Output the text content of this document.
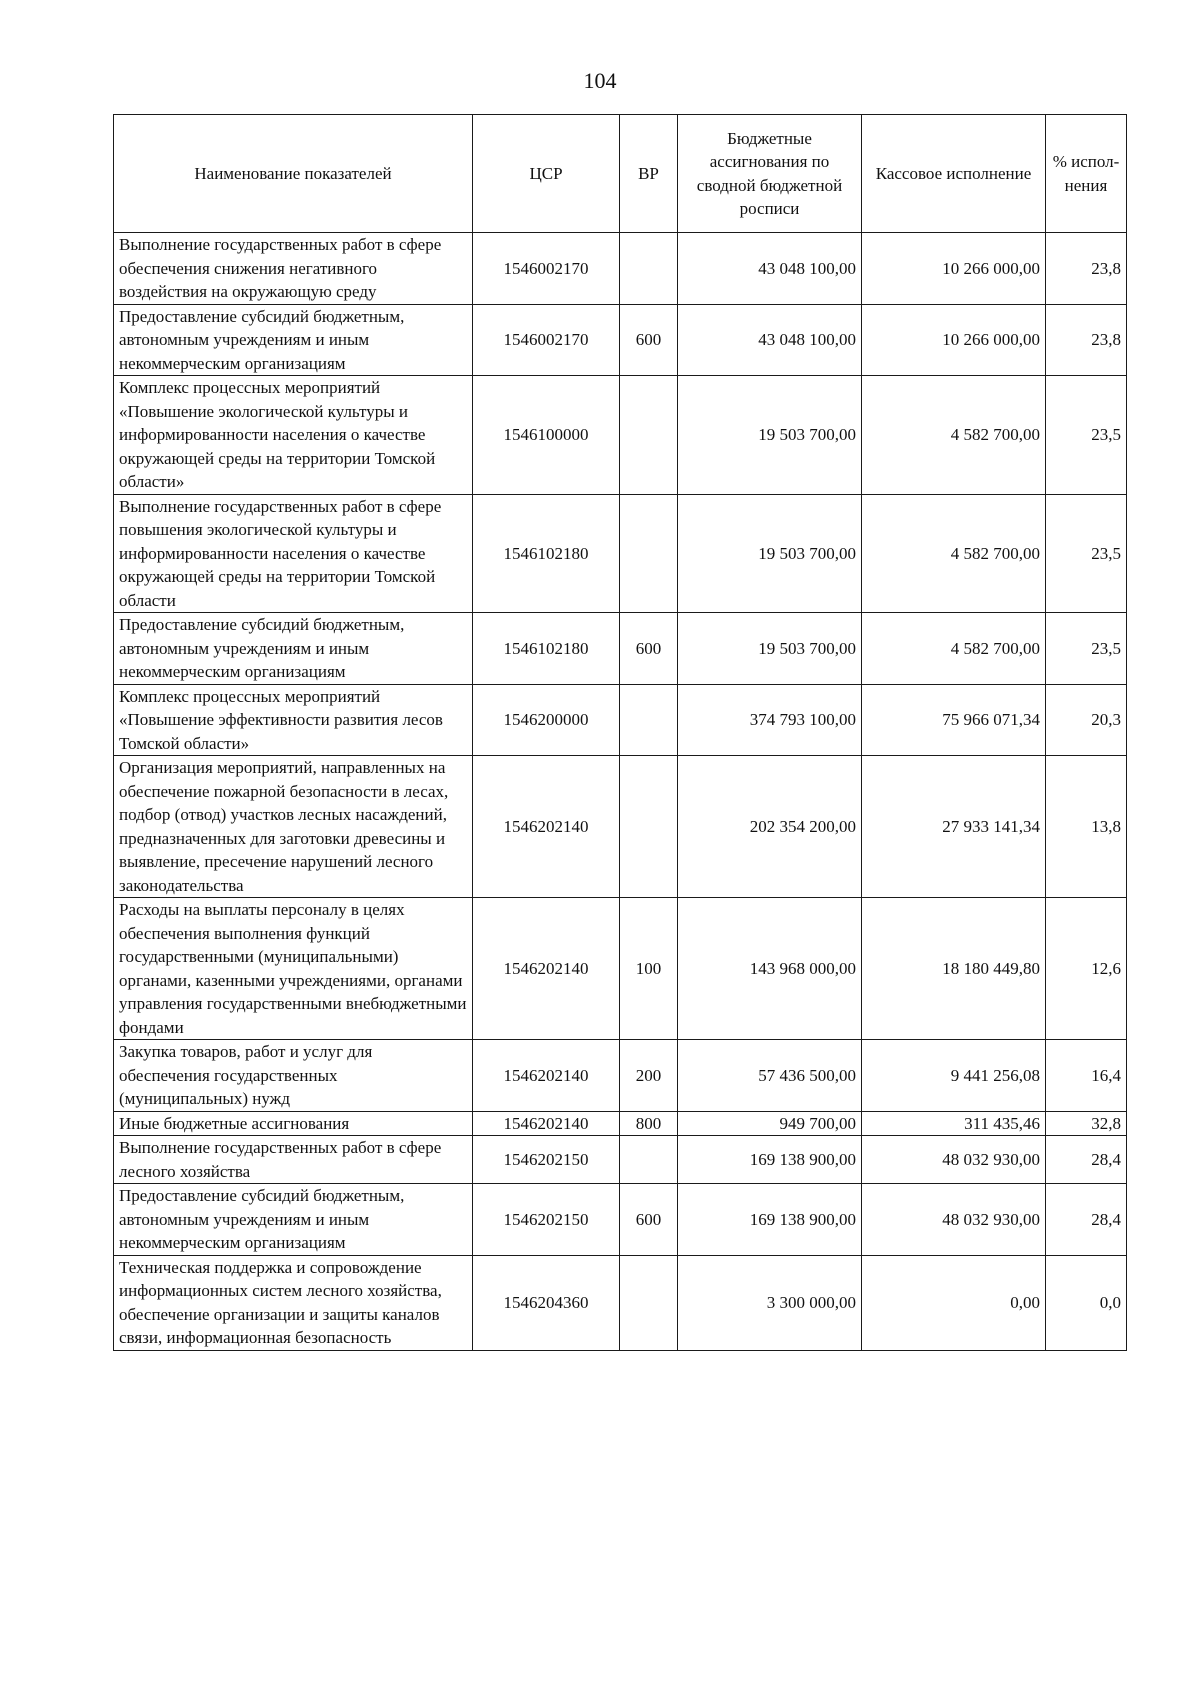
104
Наименование показателей	ЦСР	ВР	Бюджетные ассигнования по сводной бюджетной росписи	Кассовое исполнение	% испол-нения
Выполнение государственных работ в сфере обеспечения снижения негативного воздействия на окружающую среду	1546002170		43 048 100,00	10 266 000,00	23,8
Предоставление субсидий бюджетным, автономным учреждениям и иным некоммерческим организациям	1546002170	600	43 048 100,00	10 266 000,00	23,8
Комплекс процессных мероприятий «Повышение экологической культуры и информированности населения о качестве окружающей среды на территории Томской области»	1546100000		19 503 700,00	4 582 700,00	23,5
Выполнение государственных работ в сфере повышения экологической культуры и информированности населения о качестве окружающей среды на территории Томской области	1546102180		19 503 700,00	4 582 700,00	23,5
Предоставление субсидий бюджетным, автономным учреждениям и иным некоммерческим организациям	1546102180	600	19 503 700,00	4 582 700,00	23,5
Комплекс процессных мероприятий «Повышение эффективности развития лесов Томской области»	1546200000		374 793 100,00	75 966 071,34	20,3
Организация мероприятий, направленных на обеспечение пожарной безопасности в лесах, подбор (отвод) участков лесных насаждений, предназначенных для заготовки древесины и выявление, пресечение нарушений лесного законодательства	1546202140		202 354 200,00	27 933 141,34	13,8
Расходы на выплаты персоналу в целях обеспечения выполнения функций государственными (муниципальными) органами, казенными учреждениями, органами управления государственными внебюджетными фондами	1546202140	100	143 968 000,00	18 180 449,80	12,6
Закупка товаров, работ и услуг для обеспечения государственных (муниципальных) нужд	1546202140	200	57 436 500,00	9 441 256,08	16,4
Иные бюджетные ассигнования	1546202140	800	949 700,00	311 435,46	32,8
Выполнение государственных работ в сфере лесного хозяйства	1546202150		169 138 900,00	48 032 930,00	28,4
Предоставление субсидий бюджетным, автономным учреждениям и иным некоммерческим организациям	1546202150	600	169 138 900,00	48 032 930,00	28,4
Техническая поддержка и сопровождение информационных систем лесного хозяйства, обеспечение организации и защиты каналов связи, информационная безопасность	1546204360		3 300 000,00	0,00	0,0
